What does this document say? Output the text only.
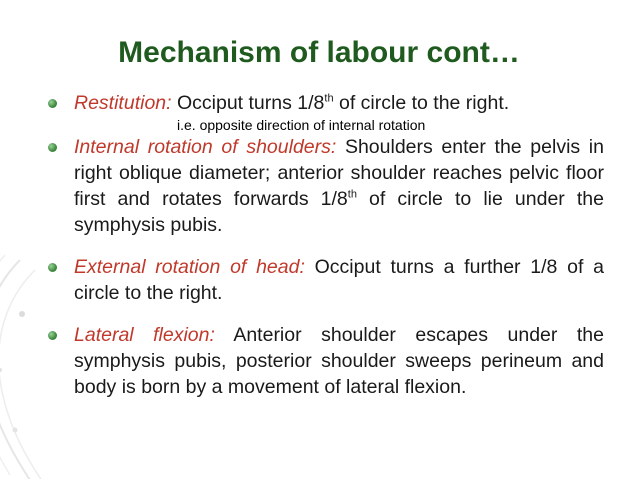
Mechanism of labour cont…
Restitution: Occiput turns 1/8th of circle to the right.
Internal rotation of shoulders: Shoulders enter the pelvis in right oblique diameter; anterior shoulder reaches pelvic floor first and rotates forwards 1/8th of circle to lie under the symphysis pubis.
External rotation of head: Occiput turns a further 1/8 of a circle to the right.
Lateral flexion: Anterior shoulder escapes under the symphysis pubis, posterior shoulder sweeps perineum and body is born by a movement of lateral flexion.
i.e. opposite direction of internal rotation
